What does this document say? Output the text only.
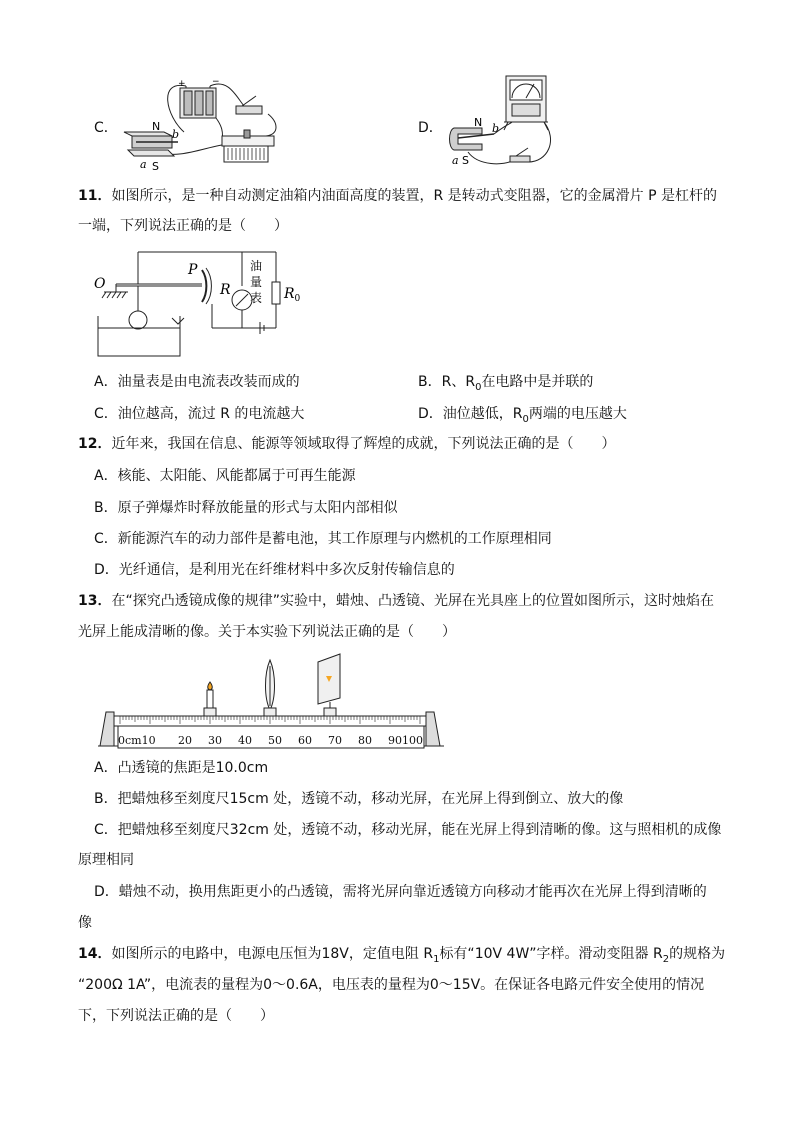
C．
+	−
N
b
a S
D．	N b
a S
11．如图所示，是一种自动测定油箱内油面高度的装置，R 是转动式变阻器，它的金属滑片 P 是杠杆的
一端，下列说法正确的是（　　）
O
P
R
油
量
表 $R_0$
A．油量表是由电流表改装而成的	B．R、$R_0$在电路中是并联的
C．油位越高，流过 R 的电流越大	D．油位越低，$R_0$两端的电压越大
12．近年来，我国在信息、能源等领域取得了辉煌的成就，下列说法正确的是（　　）
A．核能、太阳能、风能都属于可再生能源
B．原子弹爆炸时释放能量的形式与太阳内部相似
C．新能源汽车的动力部件是蓄电池，其工作原理与内燃机的工作原理相同
D．光纤通信，是利用光在纤维材料中多次反射传输信息的
13．在“探究凸透镜成像的规律”实验中，蜡烛、凸透镜、光屏在光具座上的位置如图所示，这时烛焰在
光屏上能成清晰的像。关于本实验下列说法正确的是（　　）
0cm10 20 30 40 50 60 70 80 90 100
A．凸透镜的焦距是10.0cm
B．把蜡烛移至刻度尺15cm 处，透镜不动，移动光屏，在光屏上得到倒立、放大的像
C．把蜡烛移至刻度尺32cm 处，透镜不动，移动光屏，能在光屏上得到清晰的像。这与照相机的成像
原理相同
D．蜡烛不动，换用焦距更小的凸透镜，需将光屏向靠近透镜方向移动才能再次在光屏上得到清晰的
像
14．如图所示的电路中，电源电压恒为18V，定值电阻 $R_1$标有“10V 4W”字样。滑动变阻器 $R_2$的规格为
“200Ω 1A”，电流表的量程为0～0.6A，电压表的量程为0～15V。在保证各电路元件安全使用的情况
下，下列说法正确的是（　　）
